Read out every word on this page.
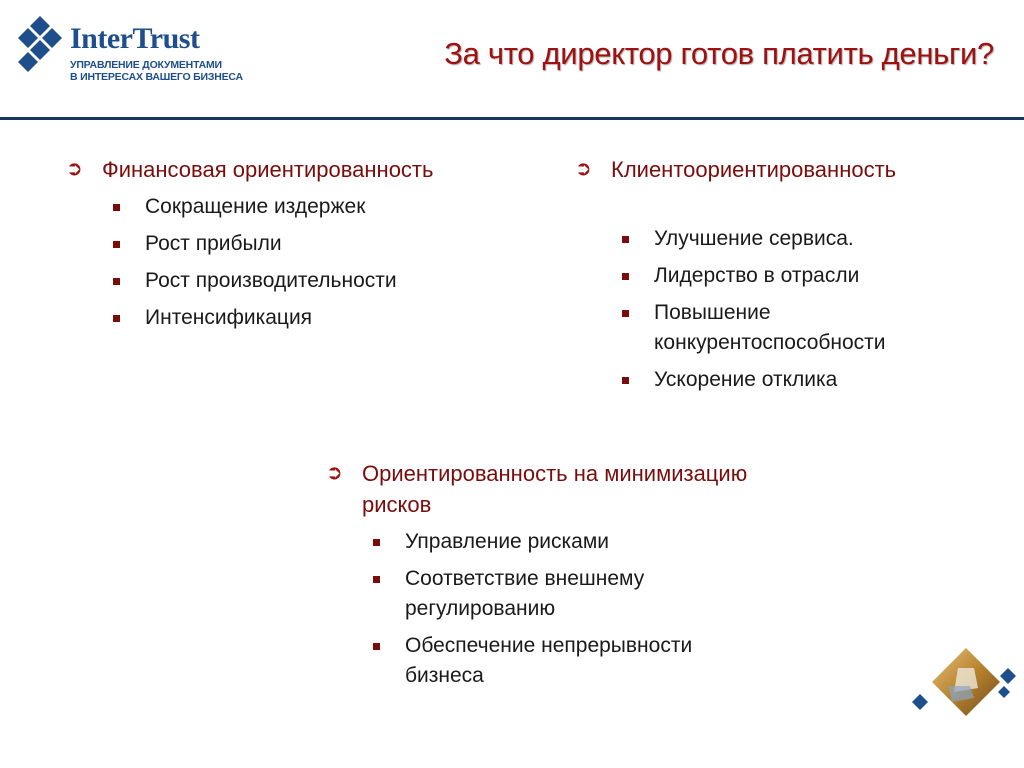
InterTrust
УПРАВЛЕНИЕ ДОКУМЕНТАМИ
В ИНТЕРЕСАХ ВАШЕГО БИЗНЕСА
За что директор готов платить деньги?
➲ Финансовая ориентированность
Сокращение издержек
Рост прибыли
Рост производительности
Интенсификация
➲ Клиентоориентированность
Улучшение сервиса.
Лидерство в отрасли
Повышение конкурентоспособности
Ускорение отклика
➲ Ориентированность на минимизацию рисков
Управление рисками
Соответствие внешнему регулированию
Обеспечение непрерывности бизнеса
